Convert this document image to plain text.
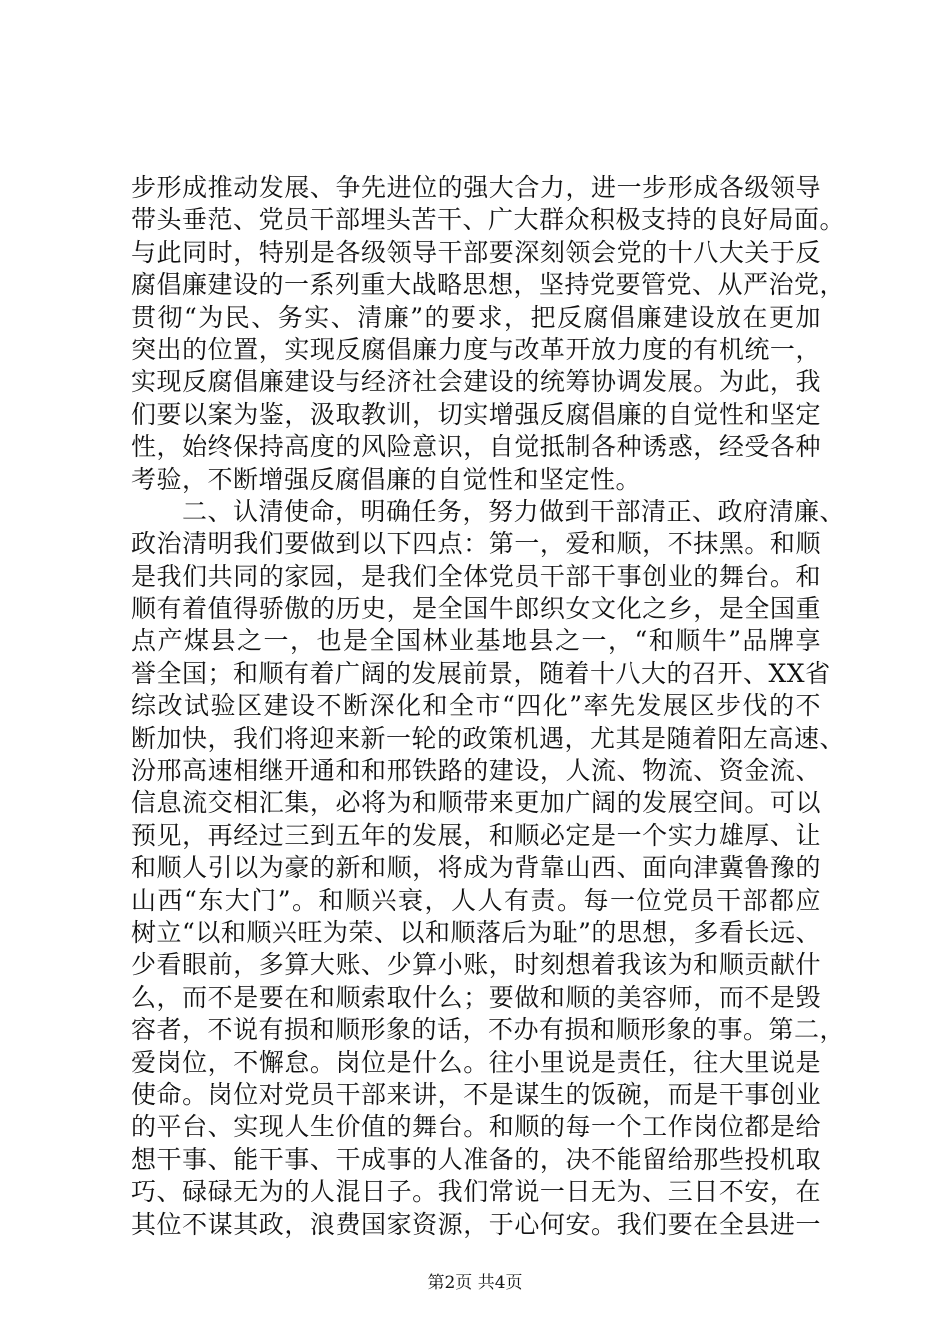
步形成推动发展、争先进位的强大合力，进一步形成各级领导
带头垂范、党员干部埋头苦干、广大群众积极支持的良好局面。
与此同时，特别是各级领导干部要深刻领会党的十八大关于反
腐倡廉建设的一系列重大战略思想，坚持党要管党、从严治党，
贯彻“为民、务实、清廉”的要求，把反腐倡廉建设放在更加
突出的位置，实现反腐倡廉力度与改革开放力度的有机统一，
实现反腐倡廉建设与经济社会建设的统筹协调发展。为此，我
们要以案为鉴，汲取教训，切实增强反腐倡廉的自觉性和坚定
性，始终保持高度的风险意识，自觉抵制各种诱惑，经受各种
考验，不断增强反腐倡廉的自觉性和坚定性。
　　二、认清使命，明确任务，努力做到干部清正、政府清廉、
政治清明我们要做到以下四点：第一，爱和顺，不抹黑。和顺
是我们共同的家园，是我们全体党员干部干事创业的舞台。和
顺有着值得骄傲的历史，是全国牛郎织女文化之乡，是全国重
点产煤县之一，也是全国林业基地县之一，“和顺牛”品牌享
誉全国；和顺有着广阔的发展前景，随着十八大的召开、XX省
综改试验区建设不断深化和全市“四化”率先发展区步伐的不
断加快，我们将迎来新一轮的政策机遇，尤其是随着阳左高速、
汾邢高速相继开通和和邢铁路的建设，人流、物流、资金流、
信息流交相汇集，必将为和顺带来更加广阔的发展空间。可以
预见，再经过三到五年的发展，和顺必定是一个实力雄厚、让
和顺人引以为豪的新和顺，将成为背靠山西、面向津冀鲁豫的
山西“东大门”。和顺兴衰，人人有责。每一位党员干部都应
树立“以和顺兴旺为荣、以和顺落后为耻”的思想，多看长远、
少看眼前，多算大账、少算小账，时刻想着我该为和顺贡献什
么，而不是要在和顺索取什么；要做和顺的美容师，而不是毁
容者，不说有损和顺形象的话，不办有损和顺形象的事。第二，
爱岗位，不懈怠。岗位是什么。往小里说是责任，往大里说是
使命。岗位对党员干部来讲，不是谋生的饭碗，而是干事创业
的平台、实现人生价值的舞台。和顺的每一个工作岗位都是给
想干事、能干事、干成事的人准备的，决不能留给那些投机取
巧、碌碌无为的人混日子。我们常说一日无为、三日不安，在
其位不谋其政，浪费国家资源，于心何安。我们要在全县进一
第2页 共4页
